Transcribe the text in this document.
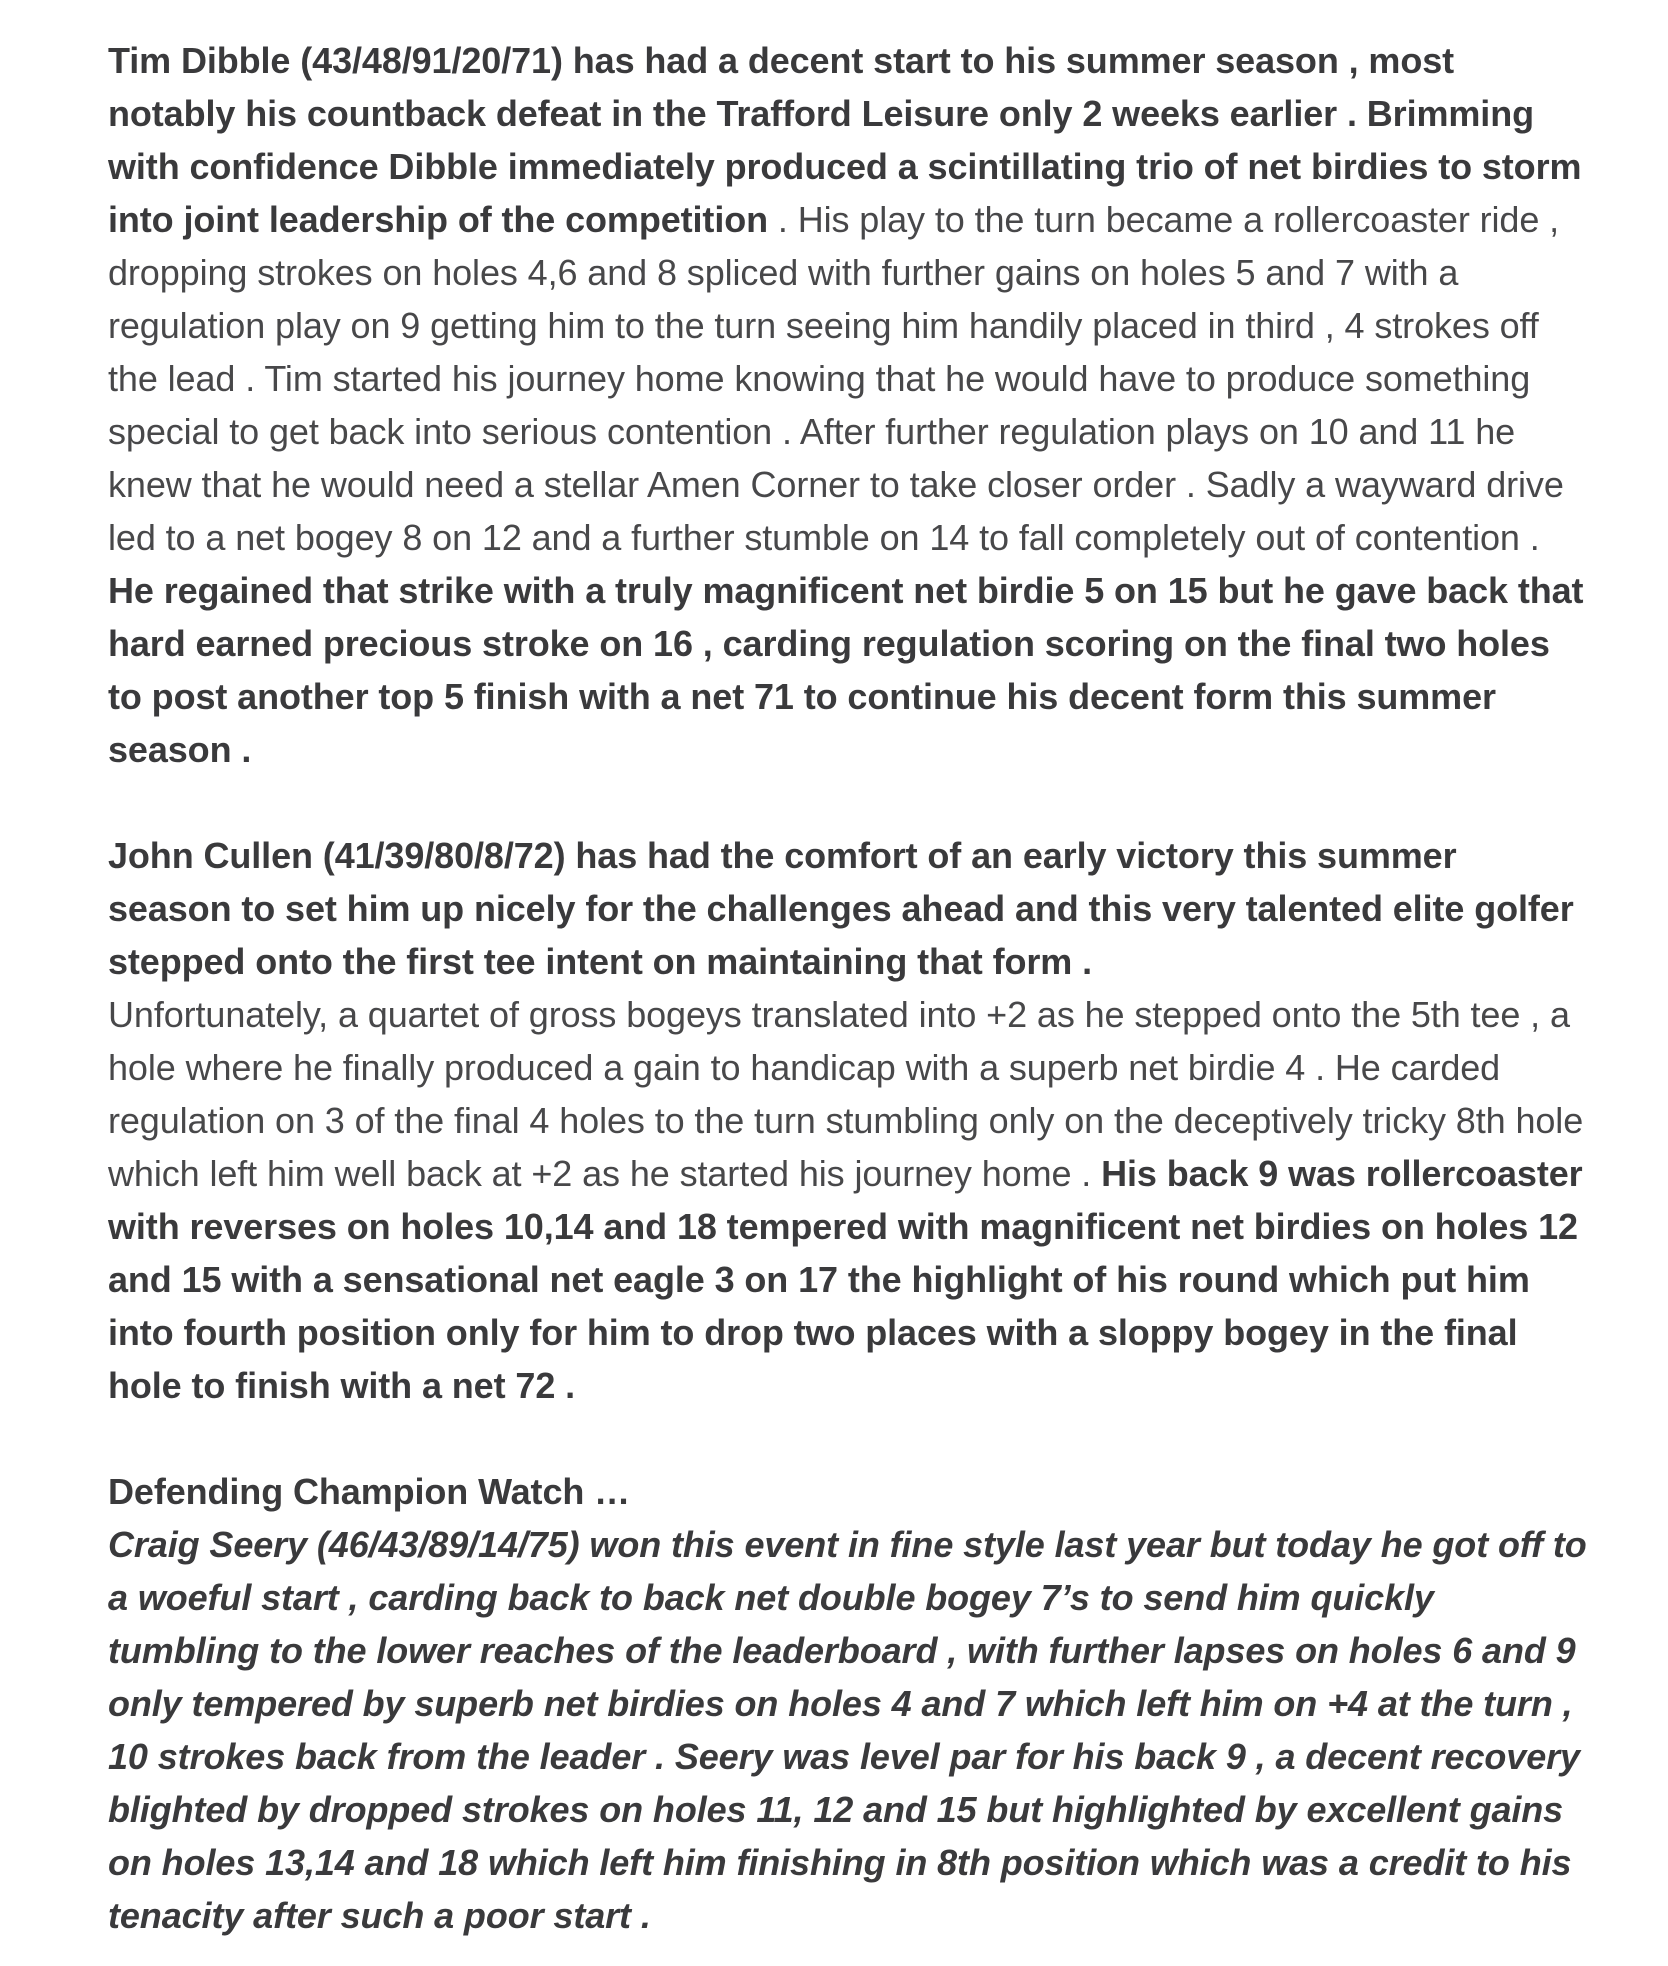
Tim Dibble (43/48/91/20/71) has had a decent start to his summer season , most notably his countback defeat in the Trafford Leisure only 2 weeks earlier . Brimming with confidence Dibble immediately produced a scintillating trio of net birdies to storm into joint leadership of the competition . His play to the turn became a rollercoaster ride , dropping strokes on holes 4,6 and 8 spliced with further gains on holes 5 and 7 with a regulation play on 9 getting him to the turn seeing him handily placed in third , 4 strokes off the lead . Tim started his journey home knowing that he would have to produce something special to get back into serious contention . After further regulation plays on 10 and 11 he knew that he would need a stellar Amen Corner to take closer order . Sadly a wayward drive led to a net bogey 8 on 12 and a further stumble on 14 to fall completely out of contention . He regained that strike with a truly magnificent net birdie 5 on 15 but he gave back that hard earned precious stroke on 16 , carding regulation scoring on the final two holes to post another top 5 finish with a net 71 to continue his decent form this summer season .

John Cullen (41/39/80/8/72) has had the comfort of an early victory this summer season to set him up nicely for the challenges ahead and this very talented elite golfer stepped onto the first tee intent on maintaining that form .
Unfortunately, a quartet of gross bogeys translated into +2 as he stepped onto the 5th tee , a hole where he finally produced a gain to handicap with a superb net birdie 4 . He carded regulation on 3 of the final 4 holes to the turn stumbling only on the deceptively tricky 8th hole which left him well back at +2 as he started his journey home . His back 9 was rollercoaster with reverses on holes 10,14 and 18 tempered with magnificent net birdies on holes 12 and 15 with a sensational net eagle 3 on 17 the highlight of his round which put him into fourth position only for him to drop two places with a sloppy bogey in the final hole to finish with a net 72 .

Defending Champion Watch …
Craig Seery (46/43/89/14/75) won this event in fine style last year but today he got off to a woeful start , carding back to back net double bogey 7’s to send him quickly tumbling to the lower reaches of the leaderboard , with further lapses on holes 6 and 9 only tempered by superb net birdies on holes 4 and 7 which left him on +4 at the turn , 10 strokes back from the leader . Seery was level par for his back 9 , a decent recovery blighted by dropped strokes on holes 11, 12 and 15 but highlighted by excellent gains on holes 13,14 and 18 which left him finishing in 8th position which was a credit to his tenacity after such a poor start .
